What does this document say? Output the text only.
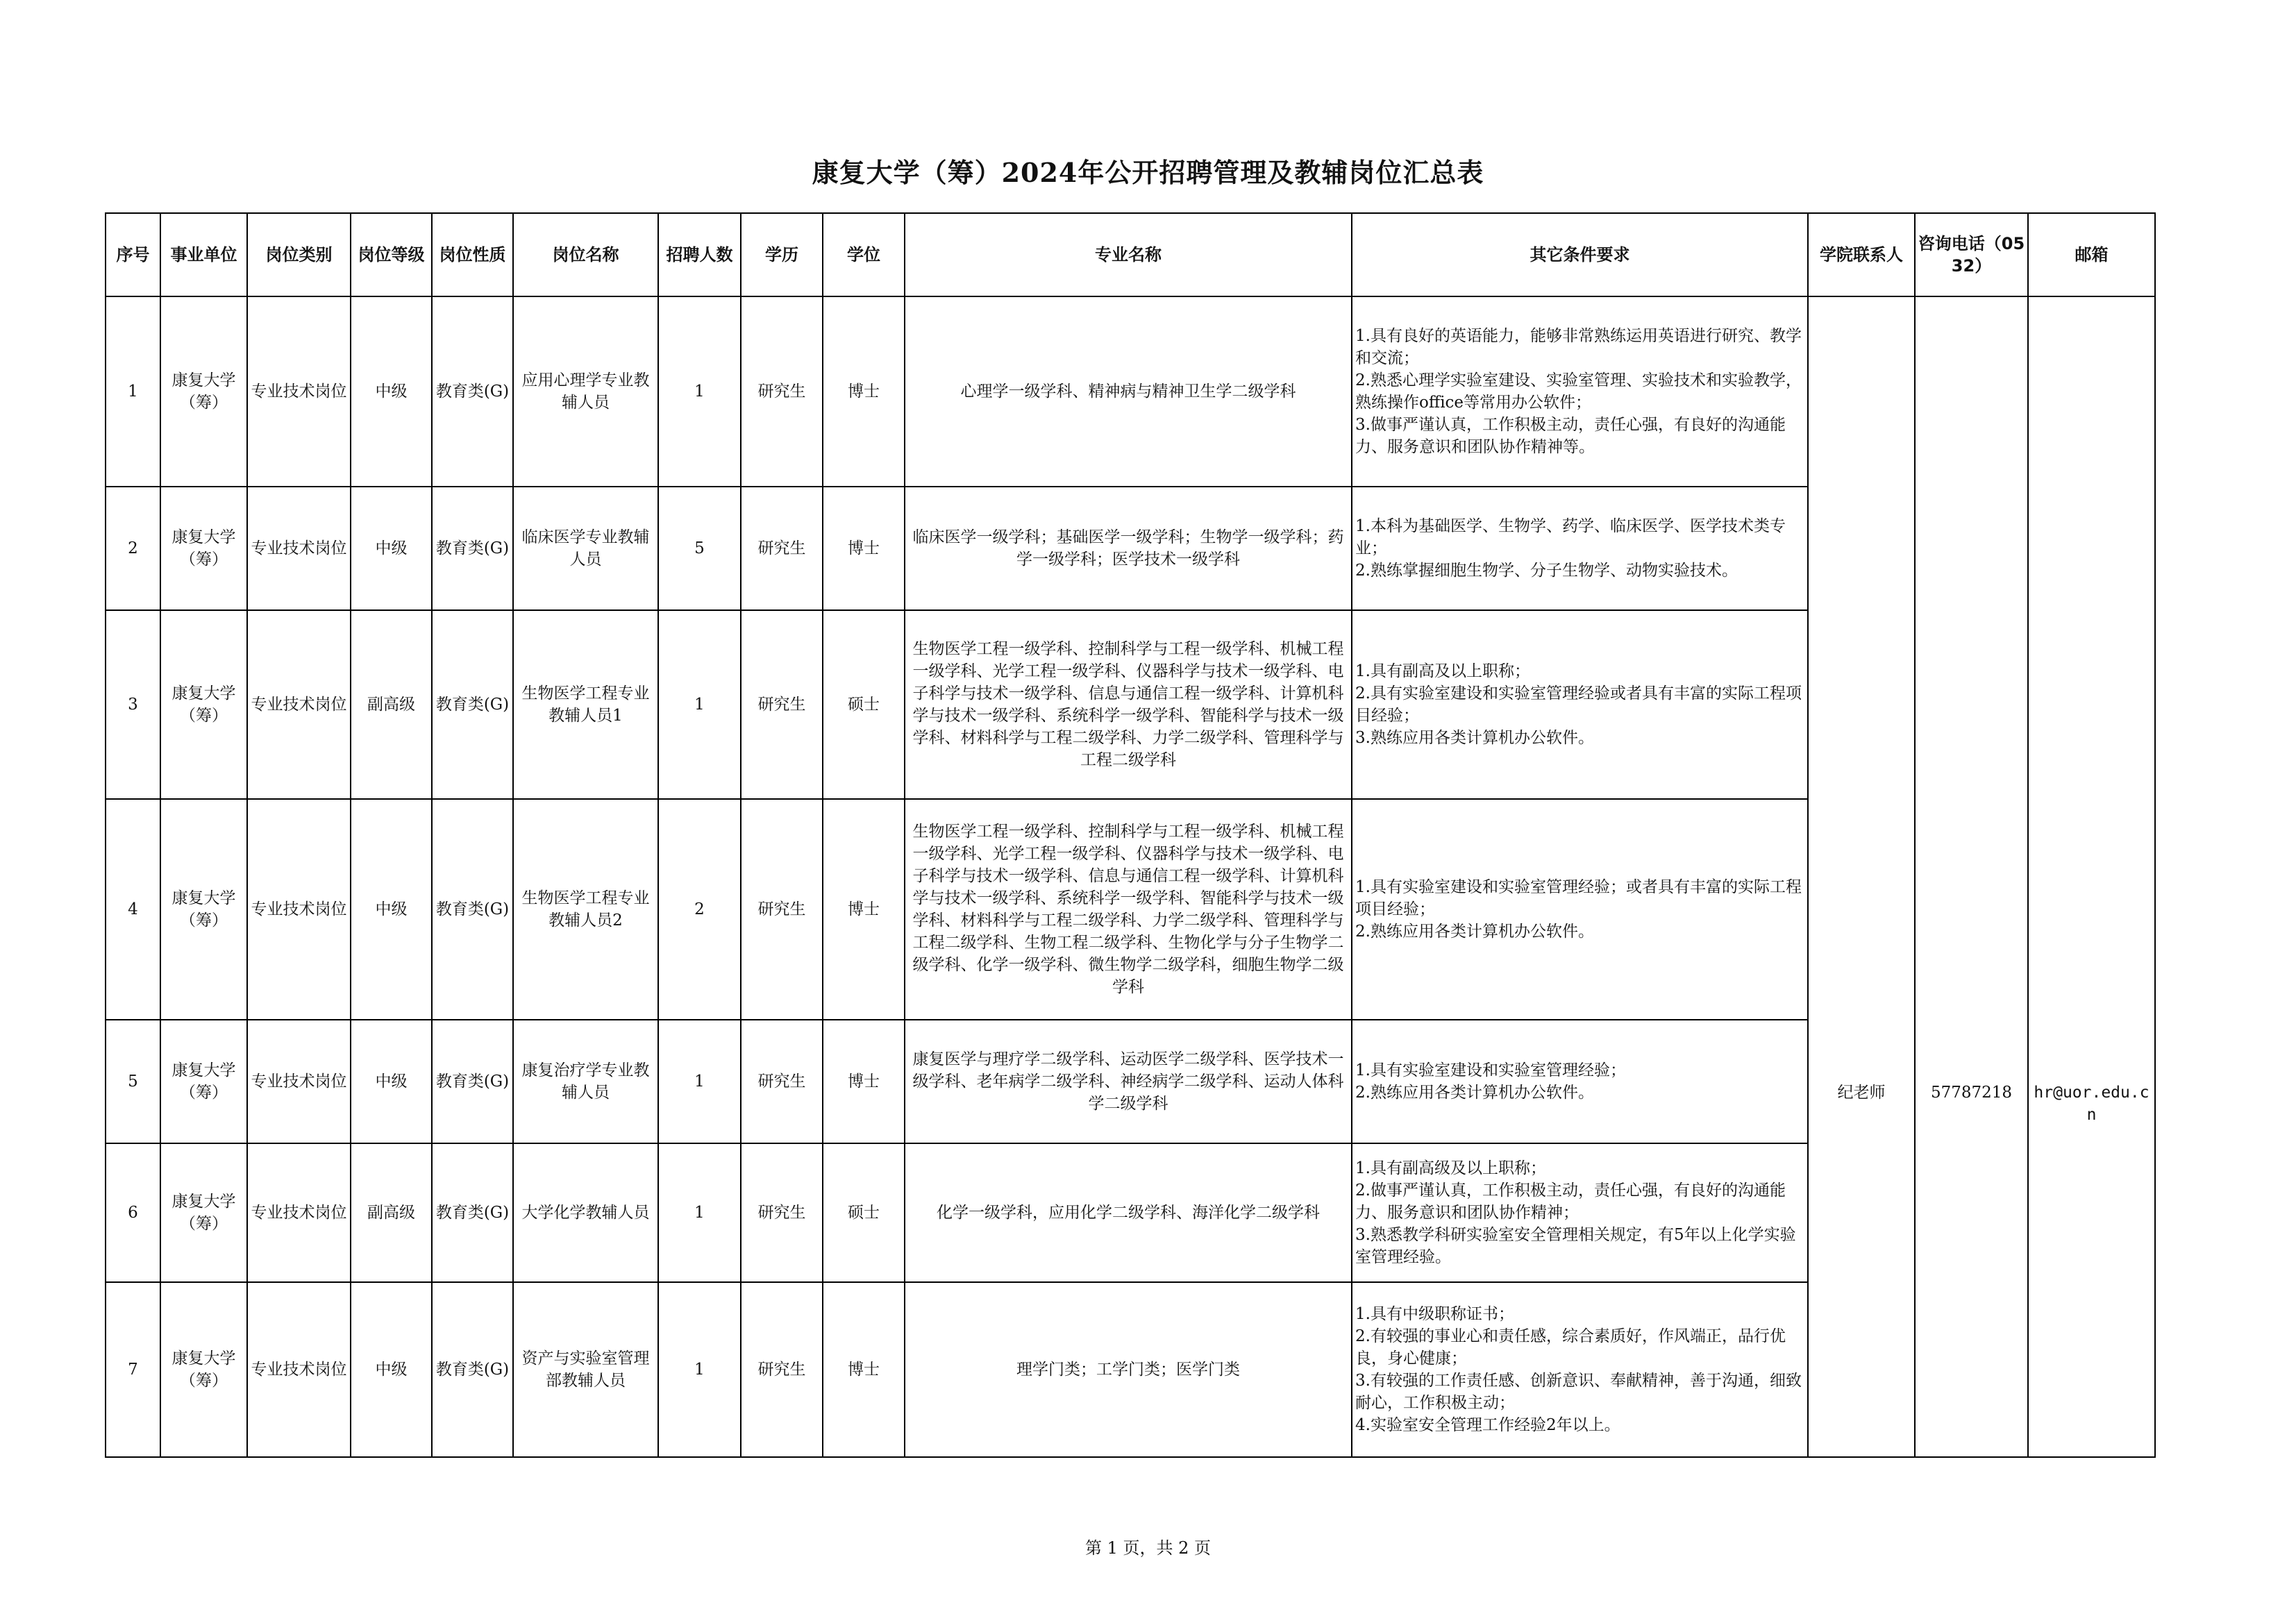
康复大学（筹）2024年公开招聘管理及教辅岗位汇总表
序号	事业单位	岗位类别	岗位等级	岗位性质	岗位名称	招聘人数	学历	学位	专业名称	其它条件要求	学院联系人	咨询电话（0532）	邮箱
1	康复大学（筹）	专业技术岗位	中级	教育类(G)	应用心理学专业教辅人员	1	研究生	博士	心理学一级学科、精神病与精神卫生学二级学科	1.具有良好的英语能力，能够非常熟练运用英语进行研究、教学和交流；
2.熟悉心理学实验室建设、实验室管理、实验技术和实验教学，熟练操作office等常用办公软件；
3.做事严谨认真，工作积极主动，责任心强，有良好的沟通能力、服务意识和团队协作精神等。	纪老师	57787218	hr@uor.edu.cn
2	康复大学（筹）	专业技术岗位	中级	教育类(G)	临床医学专业教辅人员	5	研究生	博士	临床医学一级学科；基础医学一级学科；生物学一级学科；药学一级学科；医学技术一级学科	1.本科为基础医学、生物学、药学、临床医学、医学技术类专业；
2.熟练掌握细胞生物学、分子生物学、动物实验技术。			
3	康复大学（筹）	专业技术岗位	副高级	教育类(G)	生物医学工程专业教辅人员1	1	研究生	硕士	生物医学工程一级学科、控制科学与工程一级学科、机械工程一级学科、光学工程一级学科、仪器科学与技术一级学科、电子科学与技术一级学科、信息与通信工程一级学科、计算机科学与技术一级学科、系统科学一级学科、智能科学与技术一级学科、材料科学与工程二级学科、力学二级学科、管理科学与工程二级学科	1.具有副高及以上职称；
2.具有实验室建设和实验室管理经验或者具有丰富的实际工程项目经验；
3.熟练应用各类计算机办公软件。			
4	康复大学（筹）	专业技术岗位	中级	教育类(G)	生物医学工程专业教辅人员2	2	研究生	博士	生物医学工程一级学科、控制科学与工程一级学科、机械工程一级学科、光学工程一级学科、仪器科学与技术一级学科、电子科学与技术一级学科、信息与通信工程一级学科、计算机科学与技术一级学科、系统科学一级学科、智能科学与技术一级学科、材料科学与工程二级学科、力学二级学科、管理科学与工程二级学科、生物工程二级学科、生物化学与分子生物学二级学科、化学一级学科、微生物学二级学科，细胞生物学二级学科	1.具有实验室建设和实验室管理经验；或者具有丰富的实际工程项目经验；
2.熟练应用各类计算机办公软件。			
5	康复大学（筹）	专业技术岗位	中级	教育类(G)	康复治疗学专业教辅人员	1	研究生	博士	康复医学与理疗学二级学科、运动医学二级学科、医学技术一级学科、老年病学二级学科、神经病学二级学科、运动人体科学二级学科	1.具有实验室建设和实验室管理经验；
2.熟练应用各类计算机办公软件。			
6	康复大学（筹）	专业技术岗位	副高级	教育类(G)	大学化学教辅人员	1	研究生	硕士	化学一级学科，应用化学二级学科、海洋化学二级学科	1.具有副高级及以上职称；
2.做事严谨认真，工作积极主动，责任心强，有良好的沟通能力、服务意识和团队协作精神；
3.熟悉教学科研实验室安全管理相关规定，有5年以上化学实验室管理经验。			
7	康复大学（筹）	专业技术岗位	中级	教育类(G)	资产与实验室管理部教辅人员	1	研究生	博士	理学门类；工学门类；医学门类	1.具有中级职称证书；
2.有较强的事业心和责任感，综合素质好，作风端正，品行优良，身心健康；
3.有较强的工作责任感、创新意识、奉献精神，善于沟通，细致耐心，工作积极主动；
4.实验室安全管理工作经验2年以上。			
第 1 页，共 2 页
